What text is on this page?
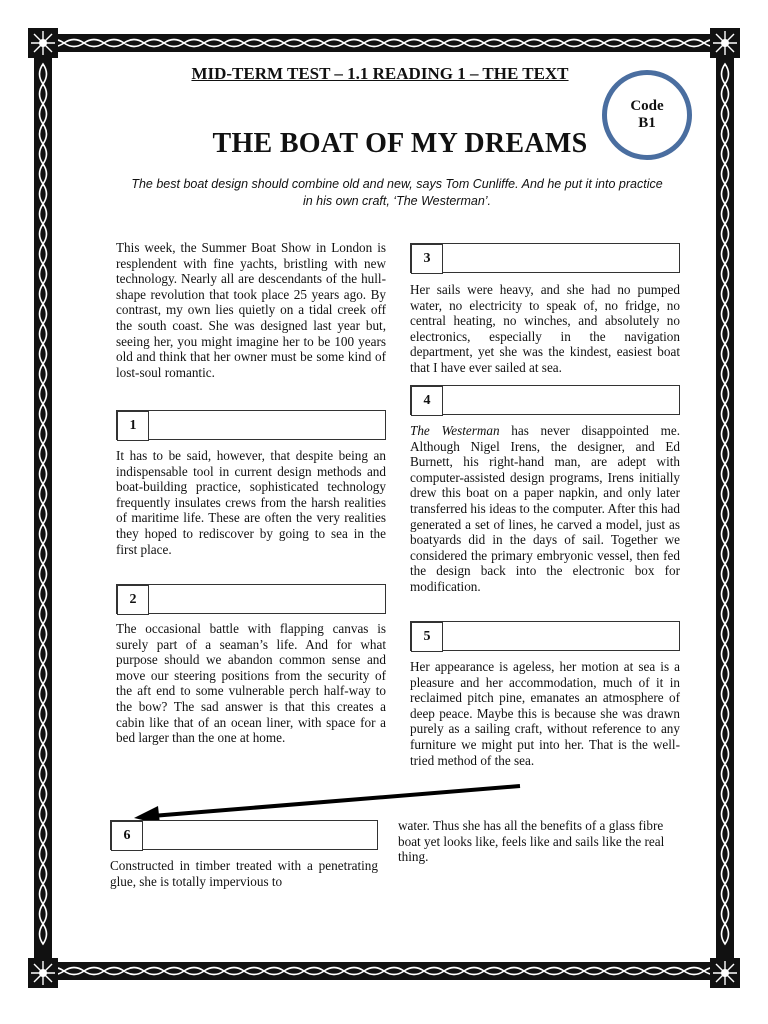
MID-TERM TEST – 1.1 READING 1 – THE TEXT
Code
B1
THE BOAT OF MY DREAMS
The best boat design should combine old and new, says Tom Cunliffe. And he put it into practice
in his own craft, ‘The Westerman’.

This week, the Summer Boat Show in London is resplendent with fine yachts, bristling with new technology. Nearly all are descendants of the hull-shape revolution that took place 25 years ago. By contrast, my own lies quietly on a tidal creek off the south coast. She was designed last year but, seeing her, you might imagine her to be 100 years old and think that her owner must be some kind of lost-soul romantic.

1

It has to be said, however, that despite being an indispensable tool in current design methods and boat-building practice, sophisticated technology frequently insulates crews from the harsh realities of maritime life. These are often the very realities they hoped to rediscover by going to sea in the first place.

2

The occasional battle with flapping canvas is surely part of a seaman’s life. And for what purpose should we abandon common sense and move our steering positions from the security of the aft end to some vulnerable perch half-way to the bow? The sad answer is that this creates a cabin like that of an ocean liner, with space for a bed larger than the one at home.

3

Her sails were heavy, and she had no pumped water, no electricity to speak of, no fridge, no central heating, no winches, and absolutely no electronics, especially in the navigation department, yet she was the kindest, easiest boat that I have ever sailed at sea.

4

The Westerman has never disappointed me. Although Nigel Irens, the designer, and Ed Burnett, his right-hand man, are adept with computer-assisted design programs, Irens initially drew this boat on a paper napkin, and only later transferred his ideas to the computer. After this had generated a set of lines, he carved a model, just as boatyards did in the days of sail. Together we considered the primary embryonic vessel, then fed the design back into the electronic box for modification.

5

Her appearance is ageless, her motion at sea is a pleasure and her accommodation, much of it in reclaimed pitch pine, emanates an atmosphere of deep peace. Maybe this is because she was drawn purely as a sailing craft, without reference to any furniture we might put into her. That is the well-tried method of the sea.

6

Constructed in timber treated with a penetrating glue, she is totally impervious to

water. Thus she has all the benefits of a glass fibre boat yet looks like, feels like and sails like the real thing.
